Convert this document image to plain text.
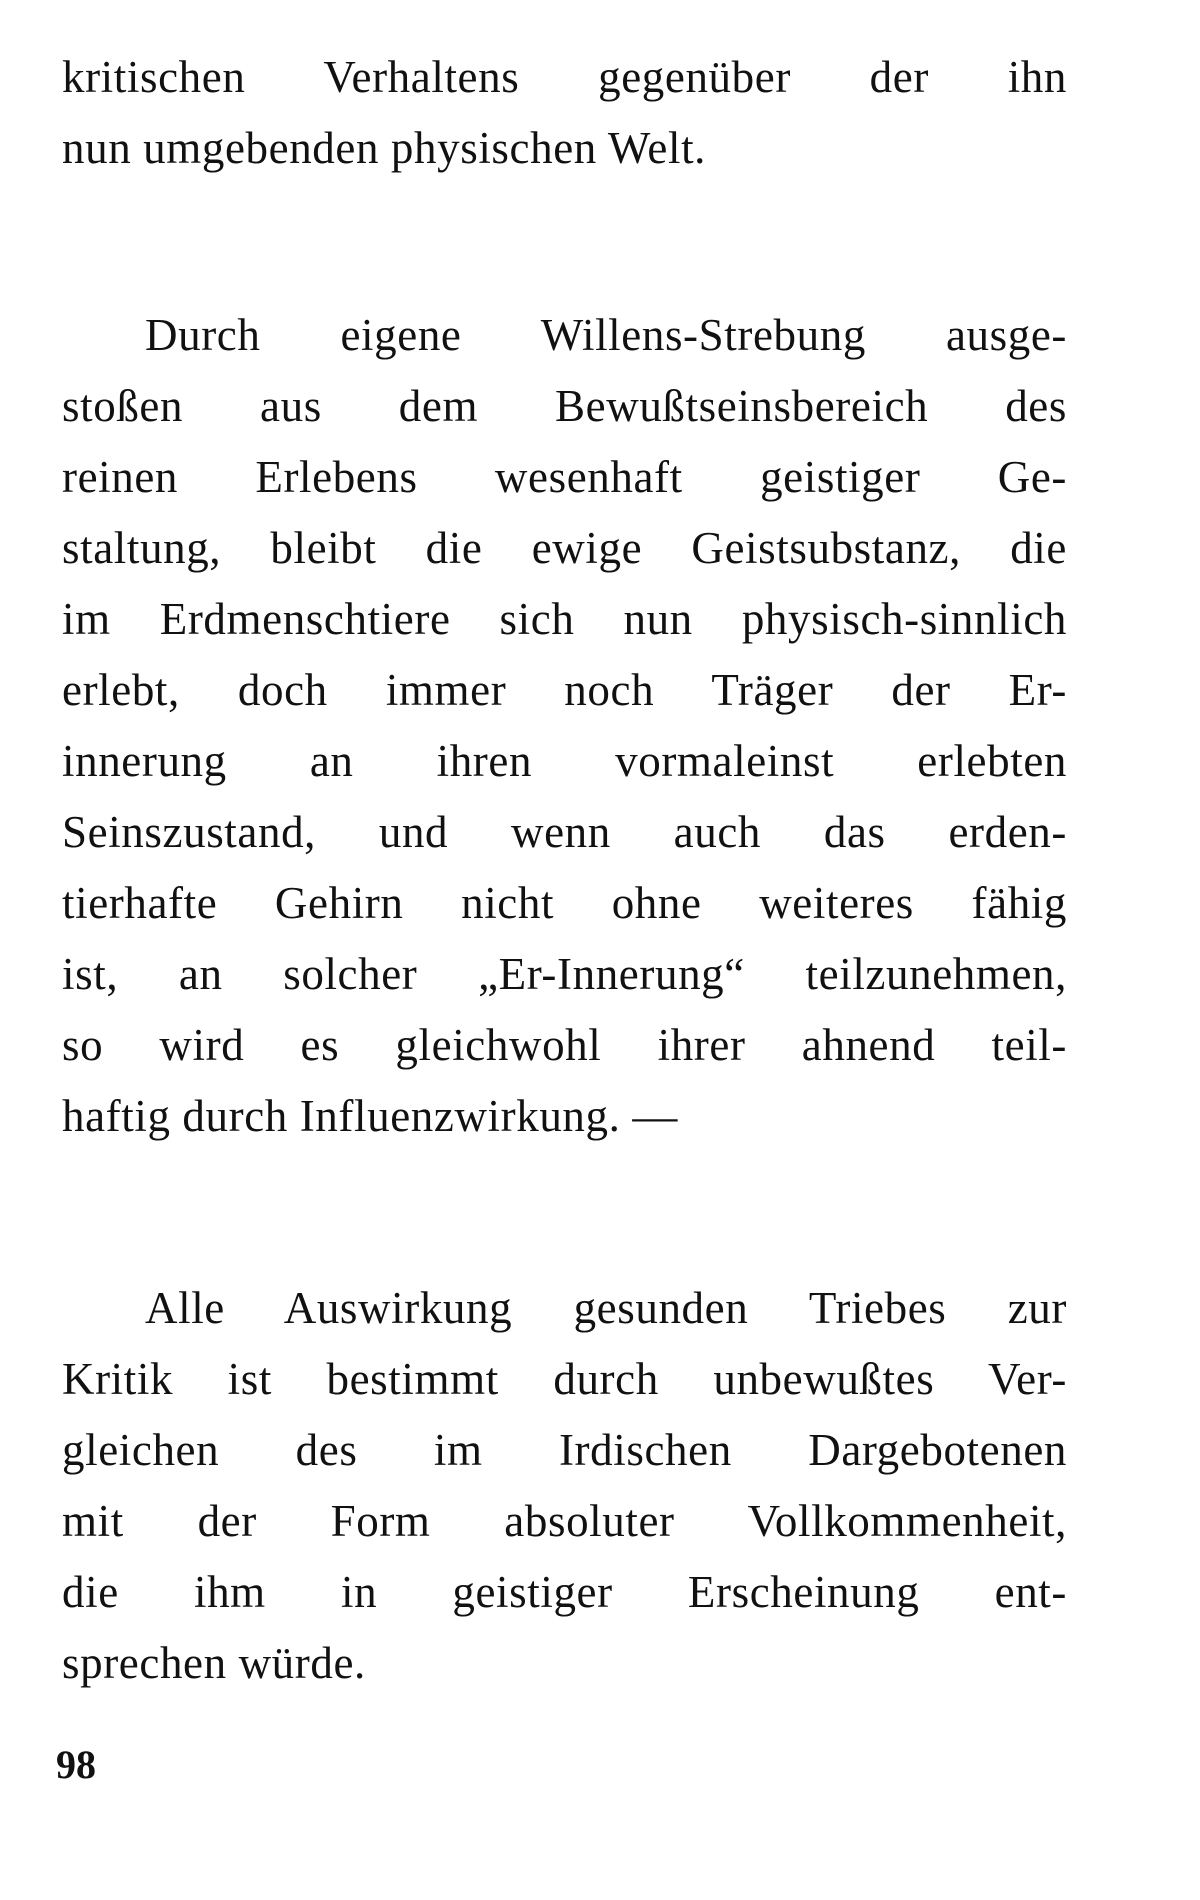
kritischen Verhaltens gegenüber der ihn
nun umgebenden physischen Welt.
Durch eigene Willens-Strebung ausge-
stoßen aus dem Bewußtseinsbereich des
reinen Erlebens wesenhaft geistiger Ge-
staltung, bleibt die ewige Geistsubstanz, die
im Erdmenschtiere sich nun physisch-sinnlich
erlebt, doch immer noch Träger der Er-
innerung an ihren vormaleinst erlebten
Seinszustand, und wenn auch das erden-
tierhafte Gehirn nicht ohne weiteres fähig
ist, an solcher „Er-Innerung“ teilzunehmen,
so wird es gleichwohl ihrer ahnend teil-
haftig durch Influenzwirkung. —
Alle Auswirkung gesunden Triebes zur
Kritik ist bestimmt durch unbewußtes Ver-
gleichen des im Irdischen Dargebotenen
mit der Form absoluter Vollkommenheit,
die ihm in geistiger Erscheinung ent-
sprechen würde.
98
